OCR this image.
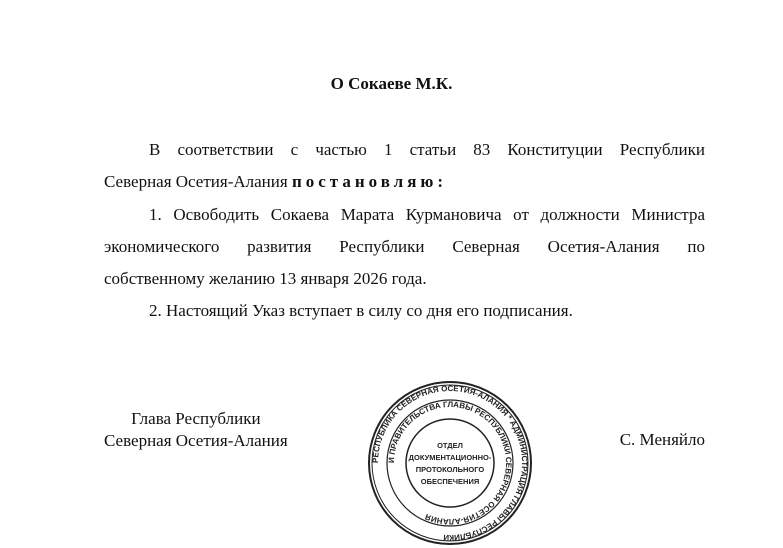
О Сокаеве М.К.
В соответствии с частью 1 статьи 83 Конституции Республики
Северная Осетия-Алания постановляю:
1. Освободить Сокаева Марата Курмановича от должности Министра
экономического развития Республики Северная Осетия-Алания по
собственному желанию 13 января 2026 года.
2. Настоящий Указ вступает в силу со дня его подписания.
Глава Республики
Северная Осетия-Алания	С. Меняйло
РЕСПУБЛИКА СЕВЕРНАЯ ОСЕТИЯ-АЛАНИЯ * АДМИНИСТРАЦИЯ ГЛАВЫ РЕСПУБЛИКИ
И ПРАВИТЕЛЬСТВА ГЛАВЫ РЕСПУБЛИКИ СЕВЕРНАЯ ОСЕТИЯ-АЛАНИЯ
ОТДЕЛ
ДОКУМЕНТАЦИОННО-
ПРОТОКОЛЬНОГО
ОБЕСПЕЧЕНИЯ
